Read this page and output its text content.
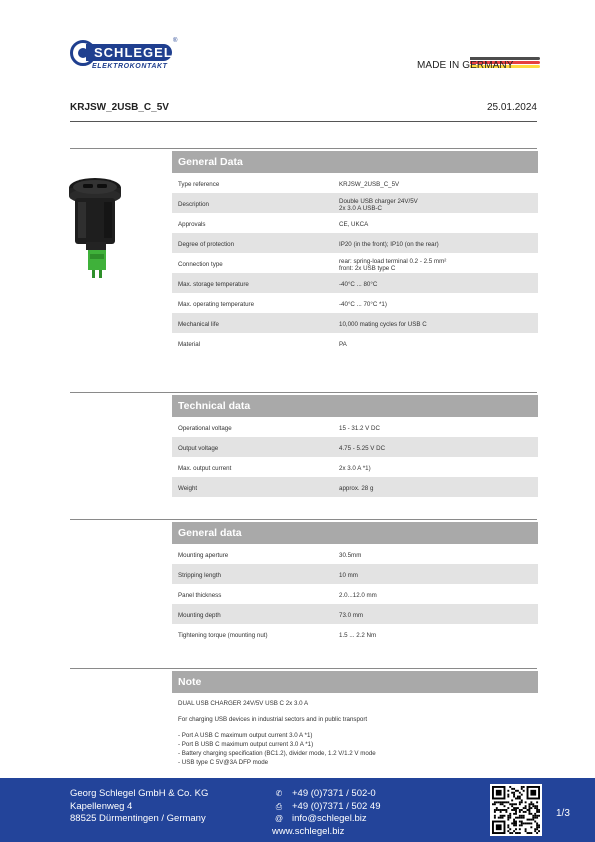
SCHLEGEL
®
ELEKTROKONTAKT	MADE IN GERMANY
KRJSW_2USB_C_5V	25.01.2024
General Data
Type reference	KRJSW_2USB_C_5V
Description	Double USB charger 24V/5V
2x 3.0 A USB-C
Approvals	CE, UKCA
Degree of protection	IP20 (in the front); IP10 (on the rear)
Connection type	rear: spring-load terminal 0.2 - 2.5 mm²
front: 2x USB type C
Max. storage temperature	-40°C ... 80°C
Max. operating temperature	-40°C ... 70°C *1)
Mechanical life	10,000 mating cycles for USB C
Material	PA
Technical data
Operational voltage	15 - 31.2 V DC
Output voltage	4.75 - 5.25 V DC
Max. output current	2x 3.0 A *1)
Weight	approx. 28 g
General data
Mounting aperture	30.5mm
Stripping length	10 mm
Panel thickness	2.0...12.0 mm
Mounting depth	73.0 mm
Tightening torque (mounting nut)	1.5 ... 2.2 Nm
Note
DUAL USB CHARGER 24V/5V USB C 2x 3.0 A
For charging USB devices in industrial sectors and in public transport
- Port A USB C maximum output current 3.0 A *1)
- Port B USB C maximum output current 3.0 A *1)
- Battery charging specification (BC1.2), divider mode, 1.2 V/1.2 V mode
- USB type C 5V@3A DFP mode
Georg Schlegel GmbH & Co. KG
Kapellenweg 4
88525 Dürmentingen / Germany
✆	+49 (0)7371 / 502-0
⎙	+49 (0)7371 / 502 49
@ info@schlegel.biz
www.schlegel.biz
1/3
